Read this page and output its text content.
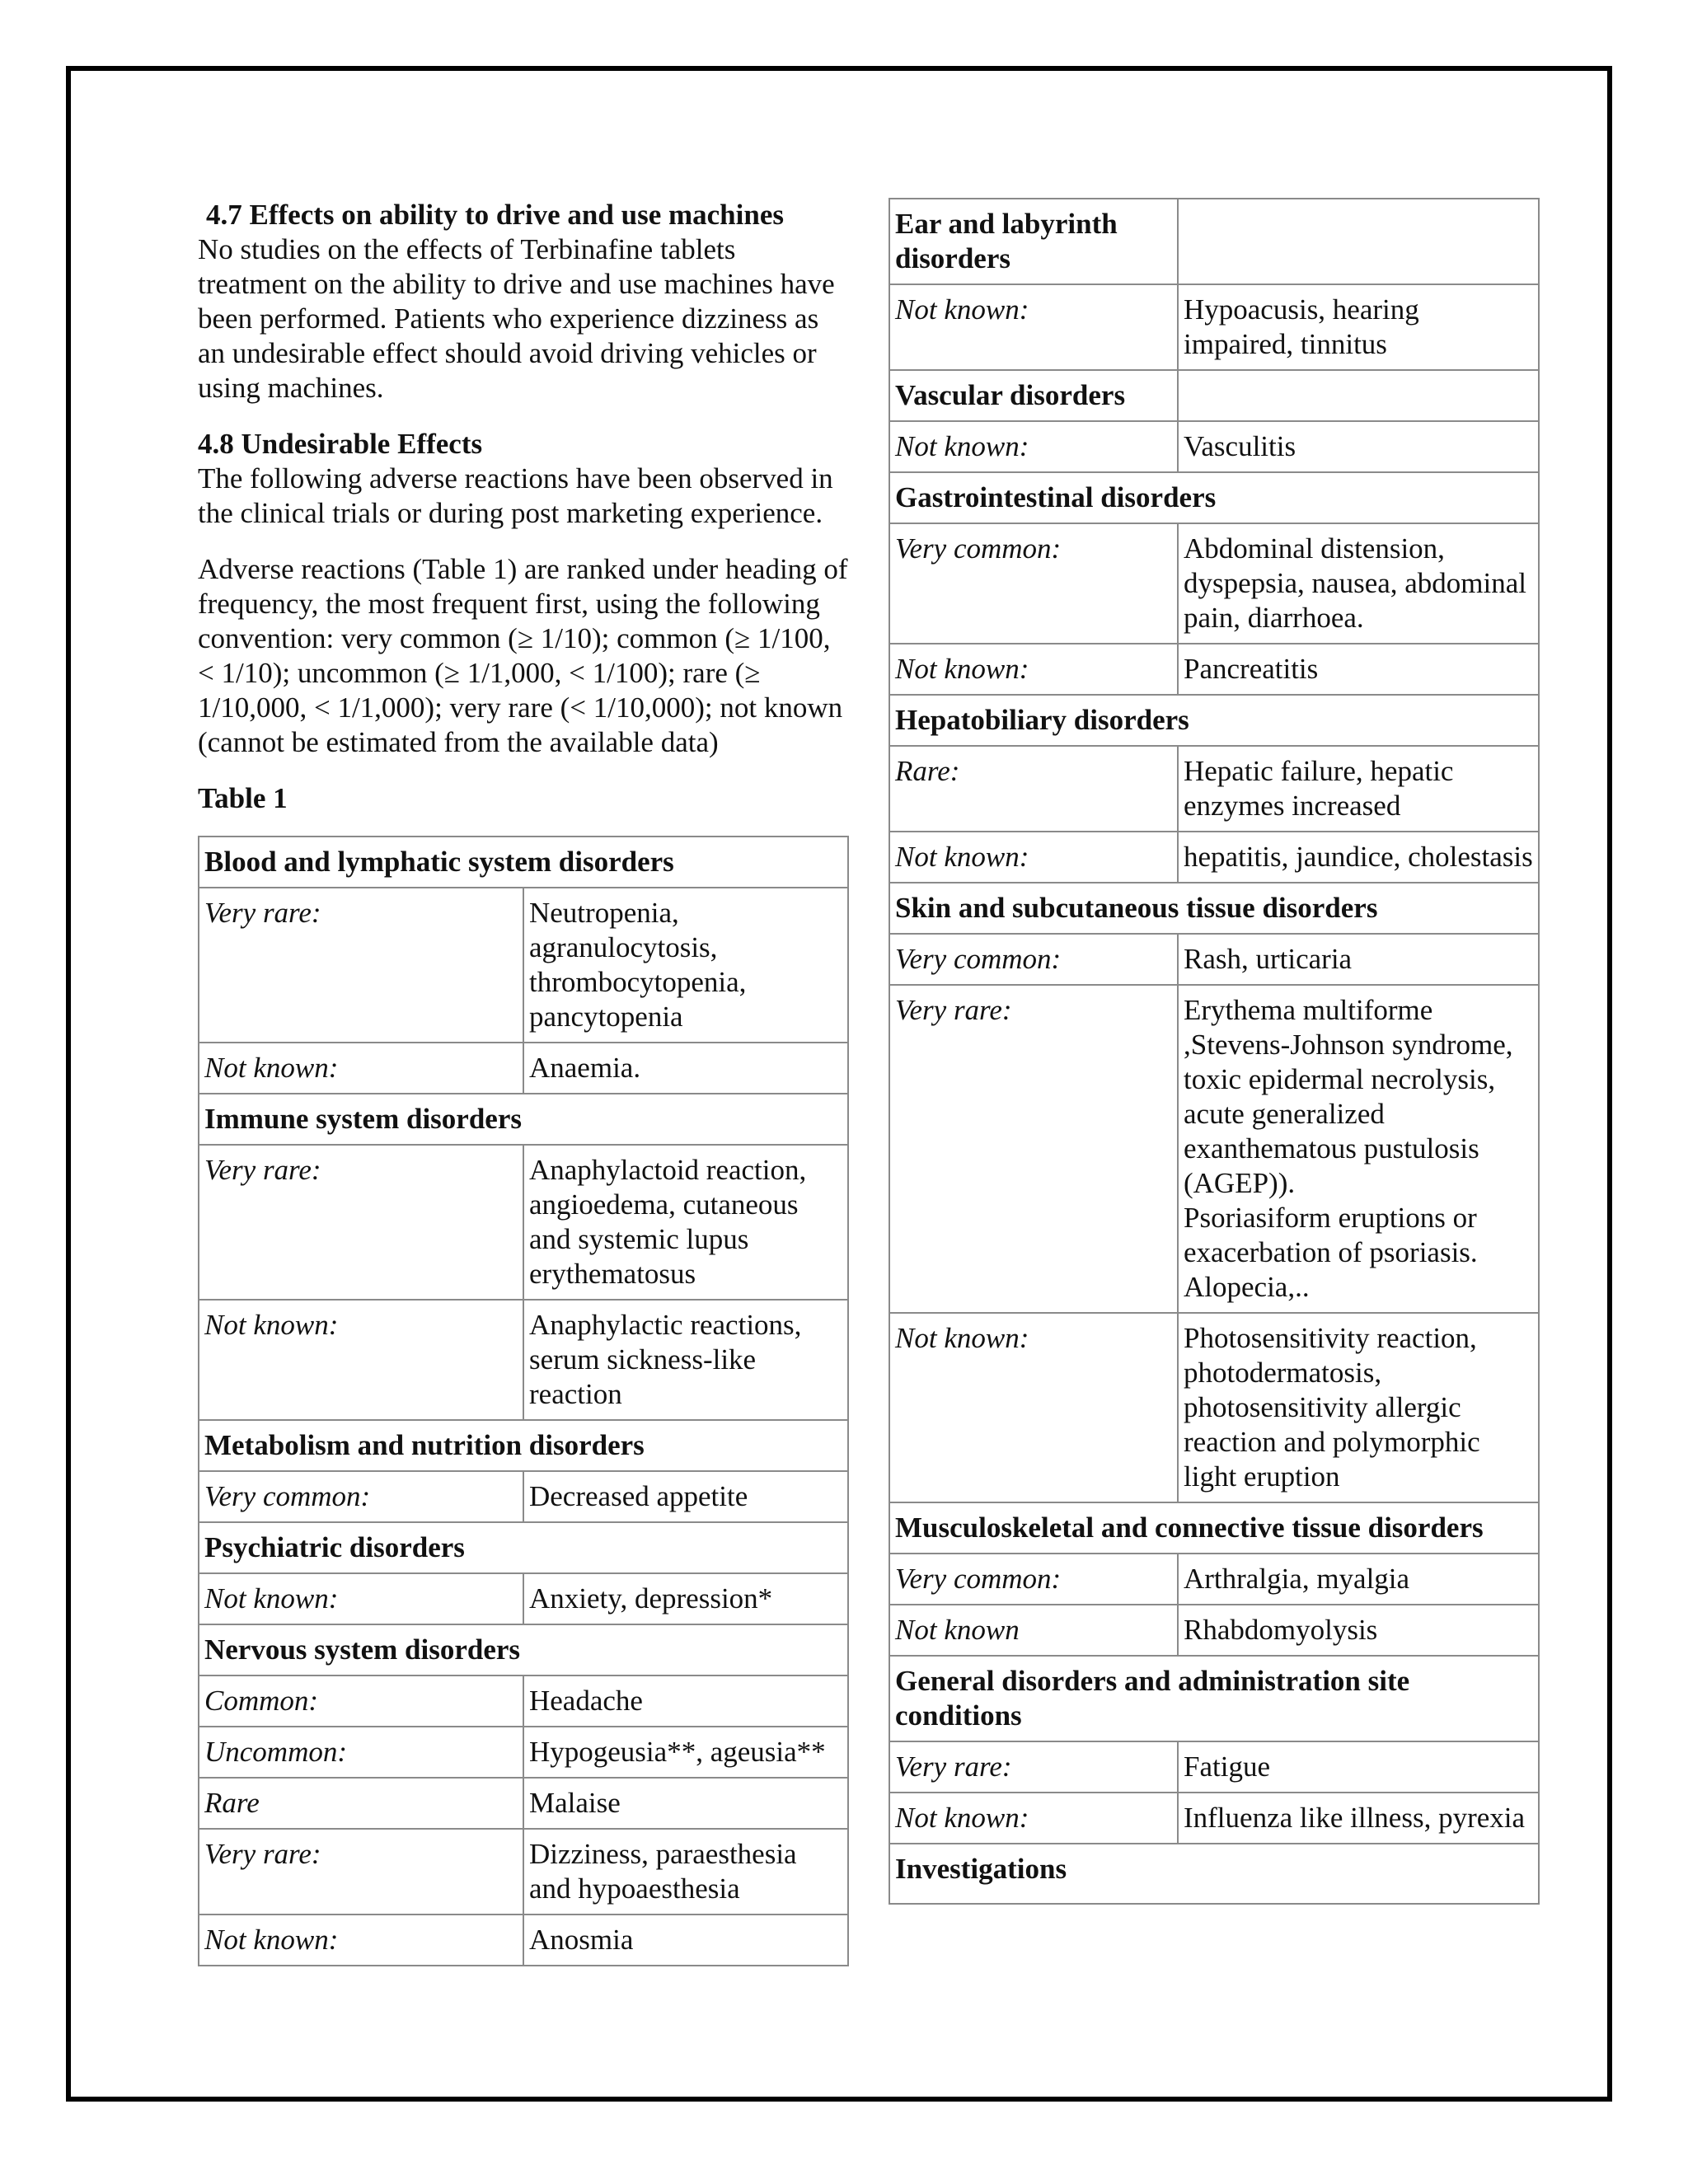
4.7 Effects on ability to drive and use machines

No studies on the effects of Terbinafine tablets treatment on the ability to drive and use machines have been performed. Patients who experience dizziness as an undesirable effect should avoid driving vehicles or using machines.

4.8 Undesirable Effects

The following adverse reactions have been observed in the clinical trials or during post marketing experience.

Adverse reactions (Table 1) are ranked under heading of frequency, the most frequent first, using the following convention: very common (≥ 1/10); common (≥ 1/100, < 1/10); uncommon (≥ 1/1,000, < 1/100); rare (≥ 1/10,000, < 1/1,000); very rare (< 1/10,000); not known (cannot be estimated from the available data)

Table 1

Blood and lymphatic system disorders	
Very rare:	Neutropenia, agranulocytosis, thrombocytopenia, pancytopenia
Not known:	Anaemia.
Immune system disorders	
Very rare:	Anaphylactoid reaction, angioedema, cutaneous and systemic lupus erythematosus
Not known:	Anaphylactic reactions, serum sickness-like reaction
Metabolism and nutrition disorders	
Very common:	Decreased appetite
Psychiatric disorders	
Not known:	Anxiety, depression*
Nervous system disorders	
Common:	Headache
Uncommon:	Hypogeusia**, ageusia**
Rare	Malaise
Very rare:	Dizziness, paraesthesia and hypoaesthesia
Not known:	Anosmia
Ear and labyrinth disorders	
Not known:	Hypoacusis, hearing impaired, tinnitus
Vascular disorders	
Not known:	Vasculitis
Gastrointestinal disorders	
Very common:	Abdominal distension, dyspepsia, nausea, abdominal pain, diarrhoea.
Not known:	Pancreatitis
Hepatobiliary disorders	
Rare:	Hepatic failure, hepatic enzymes increased
Not known:	hepatitis, jaundice, cholestasis
Skin and subcutaneous tissue disorders	
Very common:	Rash, urticaria
Very rare:	Erythema multiforme ,Stevens-Johnson syndrome, toxic epidermal necrolysis, acute generalized exanthematous pustulosis (AGEP)).
Psoriasiform eruptions or exacerbation of psoriasis.
Alopecia,..
Not known:	Photosensitivity reaction, photodermatosis, photosensitivity allergic reaction and polymorphic light eruption
Musculoskeletal and connective tissue disorders	
Very common:	Arthralgia, myalgia
Not known	Rhabdomyolysis
General disorders and administration site conditions	
Very rare:	Fatigue
Not known:	Influenza like illness, pyrexia
Investigations	
